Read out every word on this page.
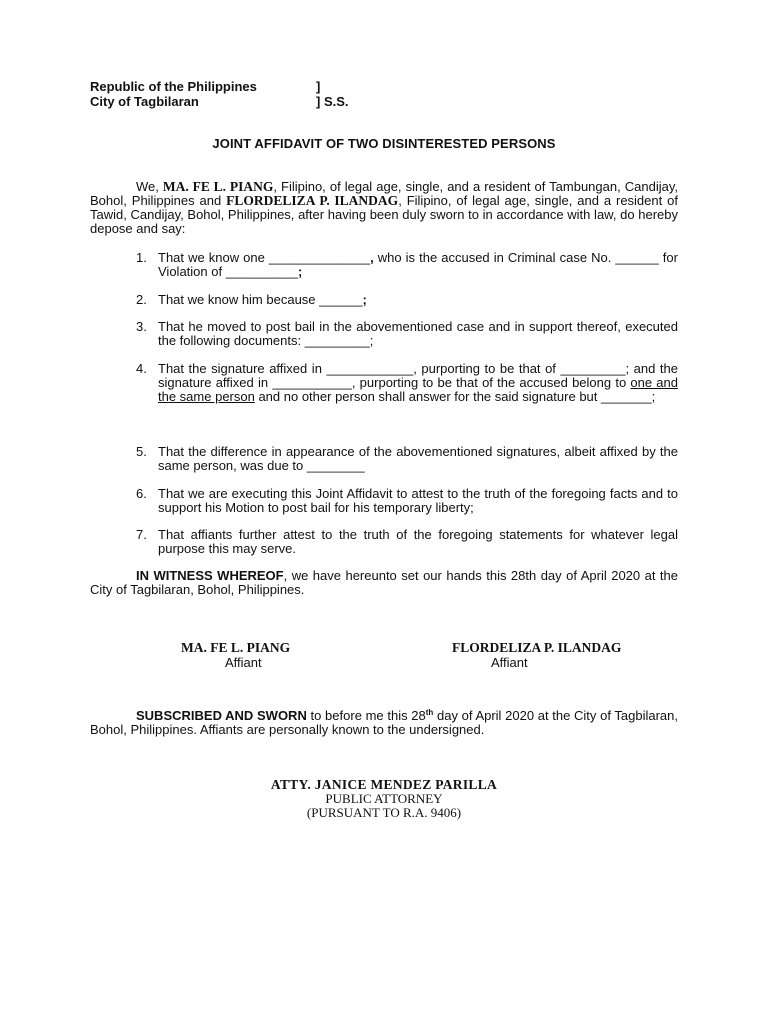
Republic of the Philippines	]
City of Tagbilaran	] S.S.
JOINT AFFIDAVIT OF TWO DISINTERESTED PERSONS
We, MA. FE L. PIANG, Filipino, of legal age, single, and a resident of Tambungan, Candijay, Bohol, Philippines and FLORDELIZA P. ILANDAG, Filipino, of legal age, single, and a resident of Tawid, Candijay, Bohol, Philippines, after having been duly sworn to in accordance with law, do hereby depose and say:
1. That we know one ______________, who is the accused in Criminal case No. ______ for Violation of __________;
2. That we know him because ______;
3. That he moved to post bail in the abovementioned case and in support thereof, executed the following documents: _________;
4. That the signature affixed in ____________, purporting to be that of _________; and the signature affixed in ___________, purporting to be that of the accused belong to one and the same person and no other person shall answer for the said signature but _______;
5. That the difference in appearance of the abovementioned signatures, albeit affixed by the same person, was due to ________
6. That we are executing this Joint Affidavit to attest to the truth of the foregoing facts and to support his Motion to post bail for his temporary liberty;
7. That affiants further attest to the truth of the foregoing statements for whatever legal purpose this may serve.
IN WITNESS WHEREOF, we have hereunto set our hands this 28th day of April 2020 at the City of Tagbilaran, Bohol, Philippines.
MA. FE L. PIANG
Affiant
FLORDELIZA P. ILANDAG
Affiant
SUBSCRIBED AND SWORN to before me this 28th day of April 2020 at the City of Tagbilaran, Bohol, Philippines. Affiants are personally known to the undersigned.
ATTY. JANICE MENDEZ PARILLA
PUBLIC ATTORNEY
(PURSUANT TO R.A. 9406)
